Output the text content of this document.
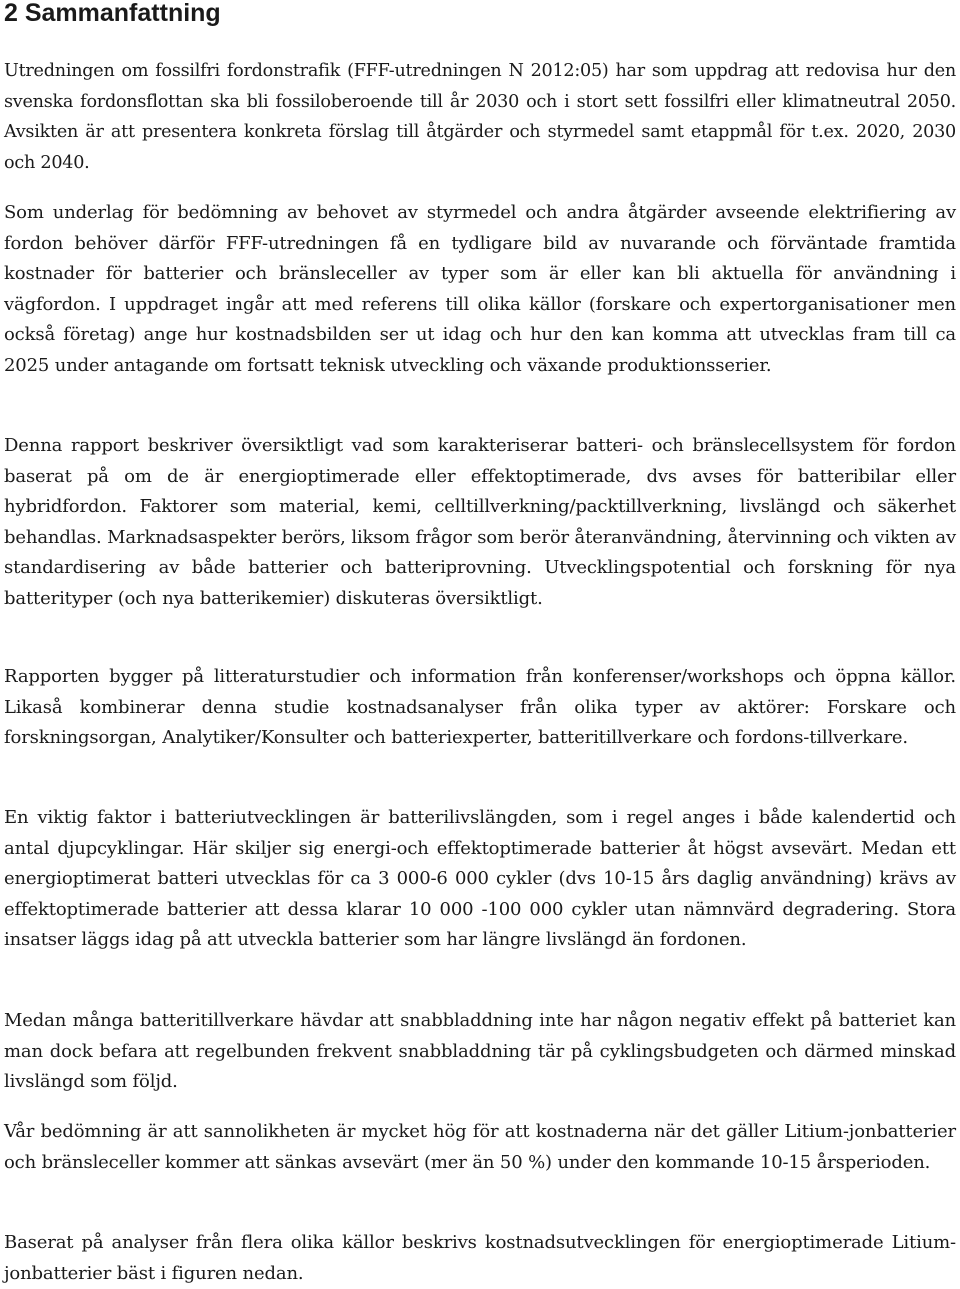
2 Sammanfattning

Utredningen om fossilfri fordonstrafik (FFF-utredningen N 2012:05) har som uppdrag att redovisa hur den svenska fordonsflottan ska bli fossiloberoende till år 2030 och i stort sett fossilfri eller klimatneutral 2050. Avsikten är att presentera konkreta förslag till åtgärder och styrmedel samt etappmål för t.ex. 2020, 2030 och 2040.

Som underlag för bedömning av behovet av styrmedel och andra åtgärder avseende elektrifiering av fordon behöver därför FFF-utredningen få en tydligare bild av nuvarande och förväntade framtida kostnader för batterier och bränsleceller av typer som är eller kan bli aktuella för användning i vägfordon. I uppdraget ingår att med referens till olika källor (forskare och expertorganisationer men också företag) ange hur kostnadsbilden ser ut idag och hur den kan komma att utvecklas fram till ca 2025 under antagande om fortsatt teknisk utveckling och växande produktionsserier.

Denna rapport beskriver översiktligt vad som karakteriserar batteri- och bränslecellsystem för fordon baserat på om de är energioptimerade eller effektoptimerade, dvs avses för batteribilar eller hybridfordon. Faktorer som material, kemi, celltillverkning/packtillverkning, livslängd och säkerhet behandlas. Marknadsaspekter berörs, liksom frågor som berör återanvändning, återvinning och vikten av standardisering av både batterier och batteriprovning. Utvecklingspotential och forskning för nya batterityper (och nya batterikemier) diskuteras översiktligt.

Rapporten bygger på litteraturstudier och information från konferenser/workshops och öppna källor. Likaså kombinerar denna studie kostnadsanalyser från olika typer av aktörer: Forskare och forskningsorgan, Analytiker/Konsulter och batteriexperter, batteritillverkare och fordons-tillverkare.

En viktig faktor i batteriutvecklingen är batterilivslängden, som i regel anges i både kalendertid och antal djupcyklingar. Här skiljer sig energi-och effektoptimerade batterier åt högst avsevärt. Medan ett energioptimerat batteri utvecklas för ca 3 000-6 000 cykler (dvs 10-15 års daglig användning) krävs av effektoptimerade batterier att dessa klarar 10 000 -100 000 cykler utan nämnvärd degradering. Stora insatser läggs idag på att utveckla batterier som har längre livslängd än fordonen.

Medan många batteritillverkare hävdar att snabbladdning inte har någon negativ effekt på batteriet kan man dock befara att regelbunden frekvent snabbladdning tär på cyklingsbudgeten och därmed minskad livslängd som följd.

Vår bedömning är att sannolikheten är mycket hög för att kostnaderna när det gäller Litium-jonbatterier och bränsleceller kommer att sänkas avsevärt (mer än 50 %) under den kommande 10-15 årsperioden.

Baserat på analyser från flera olika källor beskrivs kostnadsutvecklingen för energioptimerade Litium-jonbatterier bäst i figuren nedan.
